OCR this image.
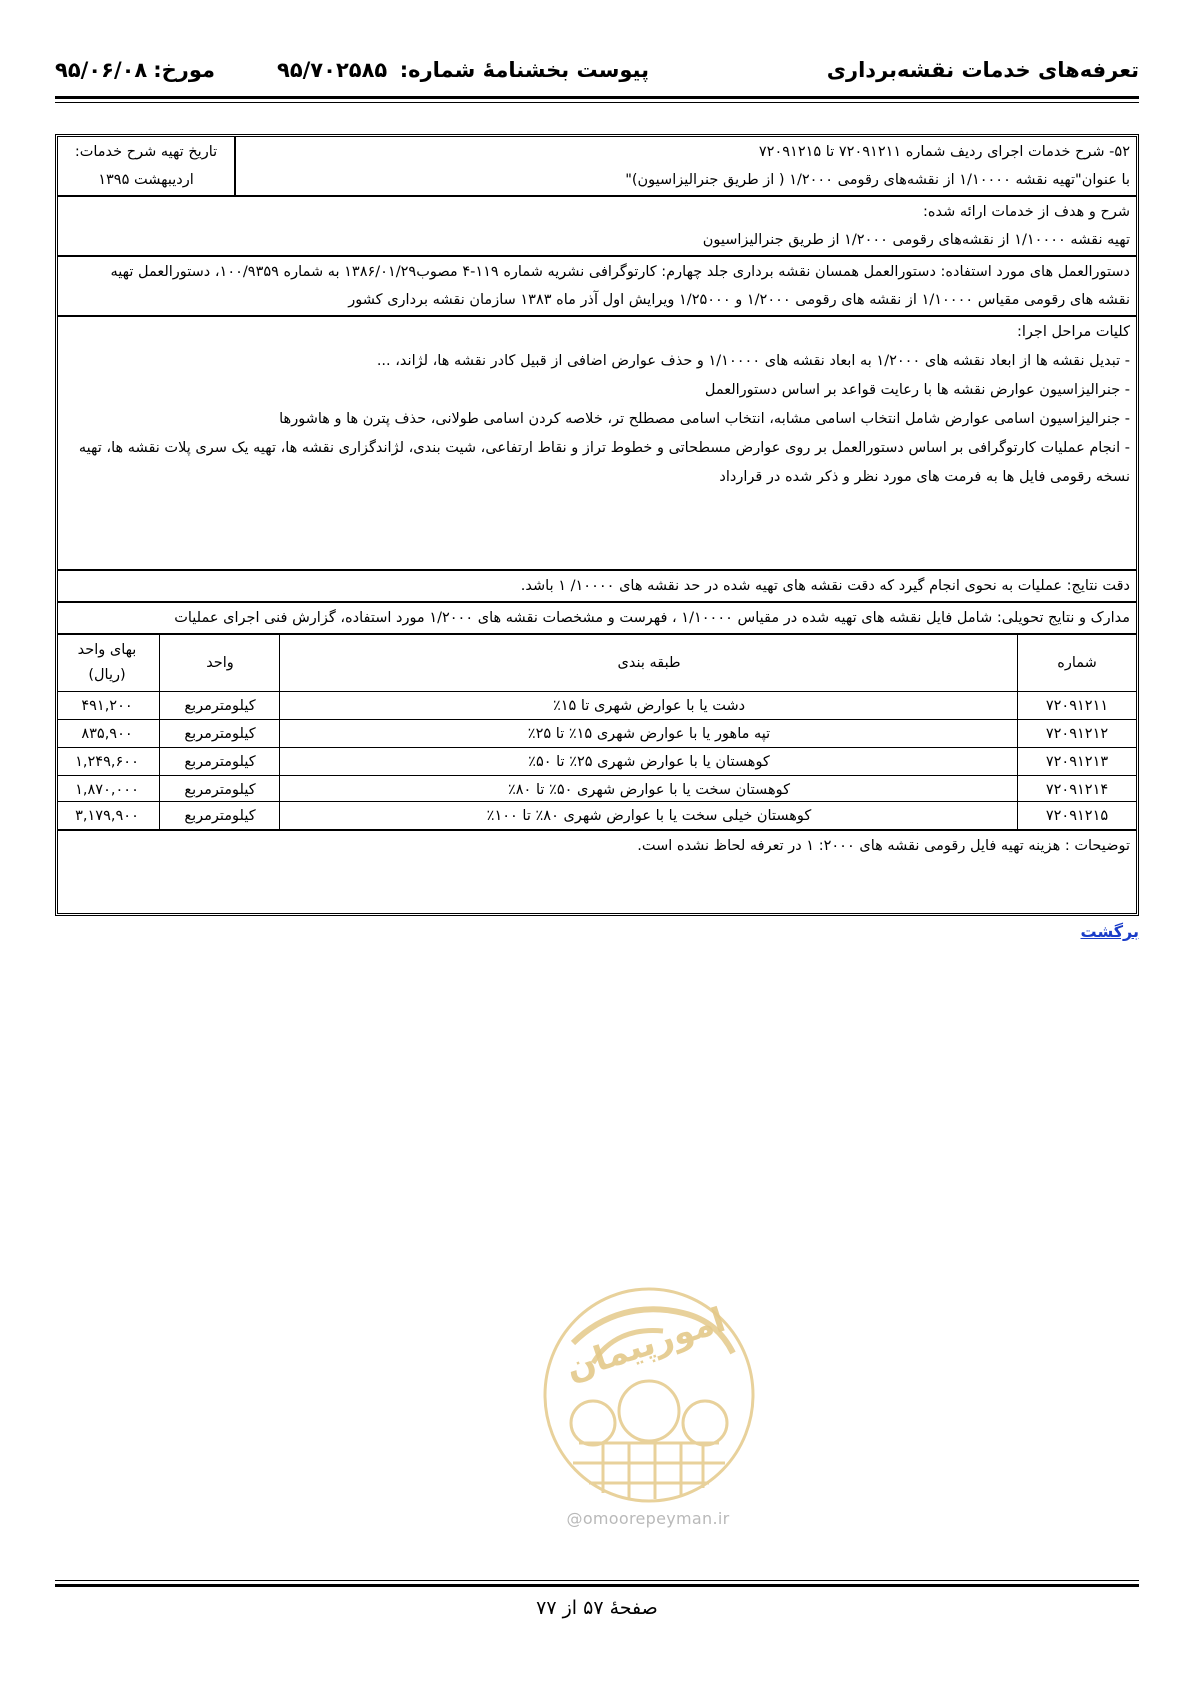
تعرفه‌های خدمات نقشه‌برداری
پیوست بخشنامهٔ شماره:
۹۵/۷۰۲۵۸۵
مورخ:۹۵/۰۶/۰۸
۵۲- شرح خدمات اجرای ردیف شماره ۷۲۰۹۱۲۱۱ تا ۷۲۰۹۱۲۱۵
با عنوان"تهیه نقشه ۱/۱۰۰۰۰ از نقشه‌های رقومی ۱/۲۰۰۰ ( از طریق جنرالیزاسیون)"
تاریخ تهیه شرح خدمات:
اردیبهشت ۱۳۹۵
شرح و هدف از خدمات ارائه شده:
تهیه نقشه ۱/۱۰۰۰۰ از نقشه‌های رقومی ۱/۲۰۰۰ از طریق جنرالیزاسیون
دستورالعمل های مورد استفاده: دستورالعمل همسان نقشه برداری جلد چهارم: کارتوگرافی نشریه شماره ۱۱۹-۴ مصوب۱۳۸۶/۰۱/۲۹ به شماره ۱۰۰/۹۳۵۹، دستورالعمل تهیه
نقشه های رقومی مقیاس ۱/۱۰۰۰۰ از نقشه های رقومی ۱/۲۰۰۰ و ۱/۲۵۰۰۰ ویرایش اول آذر ماه ۱۳۸۳ سازمان نقشه برداری کشور
کلیات مراحل اجرا:
- تبدیل نقشه ها از ابعاد نقشه های ۱/۲۰۰۰ به ابعاد نقشه های ۱/۱۰۰۰۰ و حذف عوارض اضافی از قبیل کادر نقشه ها، لژاند، ...
- جنرالیزاسیون عوارض نقشه ها با رعایت قواعد بر اساس دستورالعمل
- جنرالیزاسیون اسامی عوارض شامل انتخاب اسامی مشابه، انتخاب اسامی مصطلح تر، خلاصه کردن اسامی طولانی، حذف پترن ها و هاشورها
- انجام عملیات کارتوگرافی بر اساس دستورالعمل بر روی عوارض مسطحاتی و خطوط تراز و نقاط ارتفاعی، شیت بندی، لژاندگزاری نقشه ها، تهیه یک سری پلات نقشه ها، تهیه
نسخه رقومی فایل ها به فرمت های مورد نظر و ذکر شده در قرارداد
دقت نتایج: عملیات به نحوی انجام گیرد که دقت نقشه های تهیه شده در حد نقشه های ۱۰۰۰۰/ ۱ باشد.
مدارک و نتایج تحویلی: شامل فایل نقشه های تهیه شده در مقیاس ۱/۱۰۰۰۰ ، فهرست و مشخصات نقشه های ۱/۲۰۰۰ مورد استفاده، گزارش فنی اجرای عملیات
شماره
طبقه بندی
واحد
بهای واحد
(ریال)
۷۲۰۹۱۲۱۱
دشت یا با عوارض شهری تا ۱۵٪
کیلومترمربع
۴۹۱,۲۰۰
۷۲۰۹۱۲۱۲
تپه ماهور یا با عوارض شهری ۱۵٪ تا ۲۵٪
کیلومترمربع
۸۳۵,۹۰۰
۷۲۰۹۱۲۱۳
کوهستان یا با عوارض شهری ۲۵٪ تا ۵۰٪
کیلومترمربع
۱,۲۴۹,۶۰۰
۷۲۰۹۱۲۱۴
کوهستان سخت یا با عوارض شهری ۵۰٪ تا ۸۰٪
کیلومترمربع
۱,۸۷۰,۰۰۰
۷۲۰۹۱۲۱۵
کوهستان خیلی سخت یا با عوارض شهری ۸۰٪ تا ۱۰۰٪
کیلومترمربع
۳,۱۷۹,۹۰۰
توضیحات : هزینه تهیه فایل رقومی نقشه های ۲۰۰۰: ۱ در تعرفه لحاظ نشده است.
برگشت
امورپیمان
@omoorepeyman.ir
صفحهٔ ۵۷ از ۷۷
